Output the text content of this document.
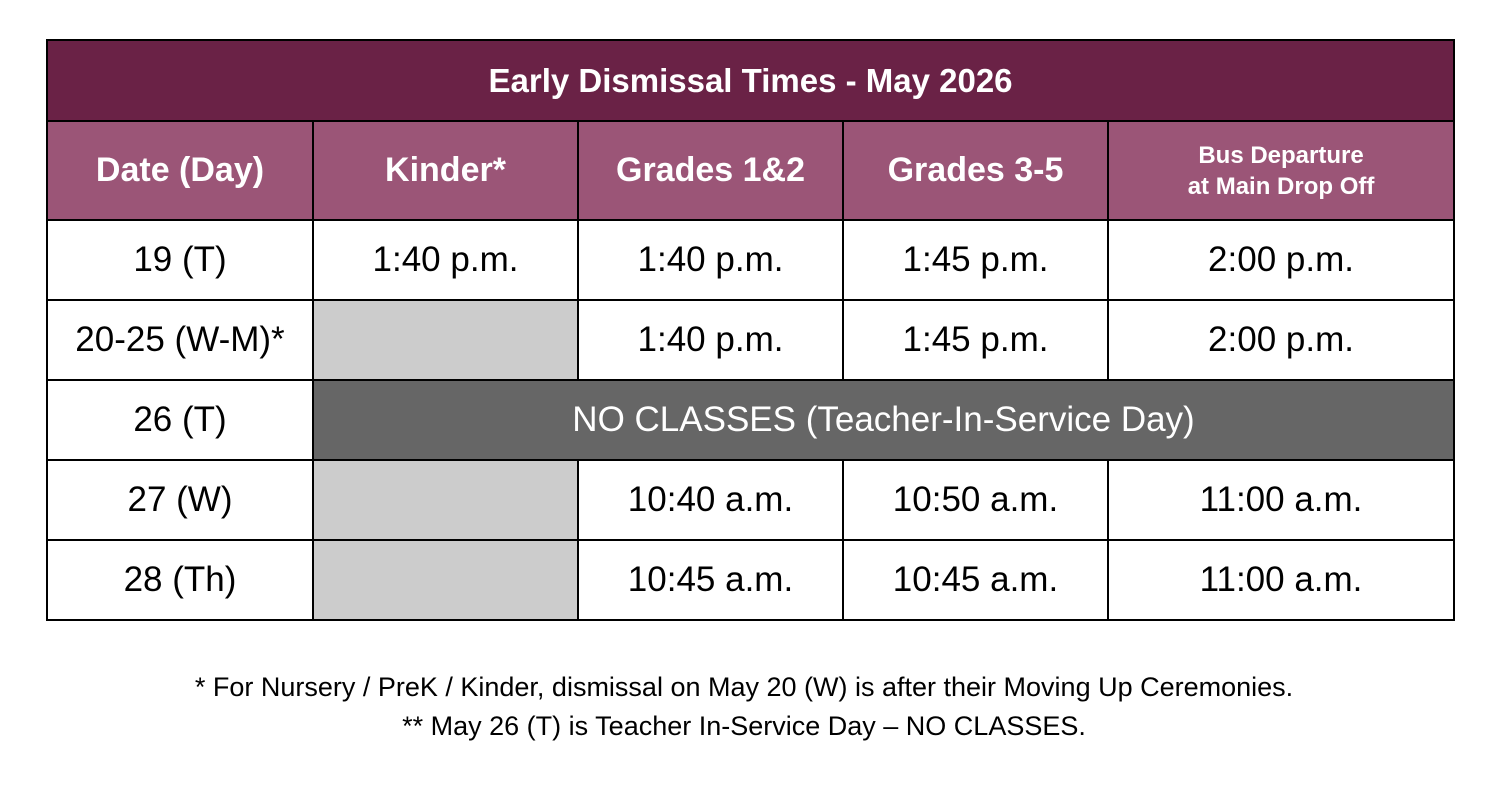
Early Dismissal Times - May 2026				
Date (Day)	Kinder*	Grades 1&2	Grades 3-5	Bus Departure
at Main Drop Off

19 (T)	1:40 p.m.	1:40 p.m.	1:45 p.m.	2:00 p.m.
20-25 (W-M)*		1:40 p.m.	1:45 p.m.	2:00 p.m.
26 (T)	NO CLASSES (Teacher-In-Service Day)			
27 (W)		10:40 a.m.	10:50 a.m.	11:00 a.m.
28 (Th)		10:45 a.m.	10:45 a.m.	11:00 a.m.
* For Nursery / PreK / Kinder, dismissal on May 20 (W) is after their Moving Up Ceremonies.
** May 26 (T) is Teacher In-Service Day – NO CLASSES.
